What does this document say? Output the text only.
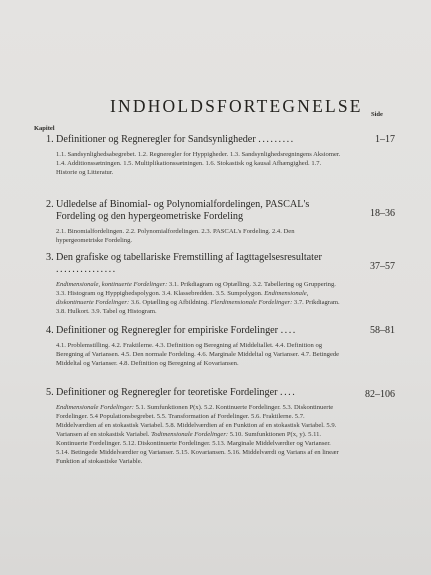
INDHOLDSFORTEGNELSE
Kapitel
Side
1. Definitioner og Regneregler for Sandsynligheder .........	1–17
1.1. Sandsynlighedsabegrebet. 1.2. Regneregler for Hyppigheder. 1.3. Sandsynlighedsregningens Aksiomer. 1.4. Additionssætningen. 1.5. Multiplikationssætningen. 1.6. Stokastisk og kausal Afhængighed. 1.7. Historie og Litteratur.
2. Udledelse af Binomial- og Polynomialfordelingen, PASCAL's Fordeling og den hypergeometriske Fordeling	18–36
2.1. Binomialfordelingen. 2.2. Polynomialfordelingen. 2.3. PASCAL's Fordeling. 2.4. Den hypergeometriske Fordeling.
3. Den grafiske og tabellariske Fremstilling af Iagttagelsesresultater ...............	37–57
Endimensionale, kontinuerte Fordelinger: 3.1. Prikdiagram og Optælling. 3.2. Tabellering og Gruppering. 3.3. Histogram og Hyppighedspolygon. 3.4. Klassebredden. 3.5. Sumpolygon. Endimensionale, diskontinuerte Fordelinger: 3.6. Optælling og Afbildning. Flerdimensionale Fordelinger: 3.7. Prikdiagram. 3.8. Hulkort. 3.9. Tabel og Histogram.
4. Definitioner og Regneregler for empiriske Fordelinger ....	58–81
4.1. Problemstilling. 4.2. Fraktilerne. 4.3. Definition og Beregning af Middeltallet. 4.4. Definition og Beregning af Variansen. 4.5. Den normale Fordeling. 4.6. Marginale Middeltal og Varianser. 4.7. Betingede Middeltal og Varianser. 4.8. Definition og Beregning af Kovariansen.
5. Definitioner og Regneregler for teoretiske Fordelinger ....	82–106
Endimensionale Fordelinger: 5.1. Sumfunktionen P(x). 5.2. Kontinuerte Fordelinger. 5.3. Diskontinuerte Fordelinger. 5.4 Populationsbegrebet. 5.5. Transformation af Fordelinger. 5.6. Fraktilerne. 5.7. Middelværdien af en stokastisk Variabel. 5.8. Middelværdien af en Funktion af en stokastisk Variabel. 5.9. Variansen af en stokastisk Variabel. Todimensionale Fordelinger: 5.10. Sumfunktionen P(x, y). 5.11. Kontinuerte Fordelinger. 5.12. Diskontinuerte Fordelinger. 5.13. Marginale Middelværdier og Varianser. 5.14. Betingede Middelværdier og Varianser. 5.15. Kovariansen. 5.16. Middelværdi og Varians af en lineær Funktion af stokastiske Variable.
